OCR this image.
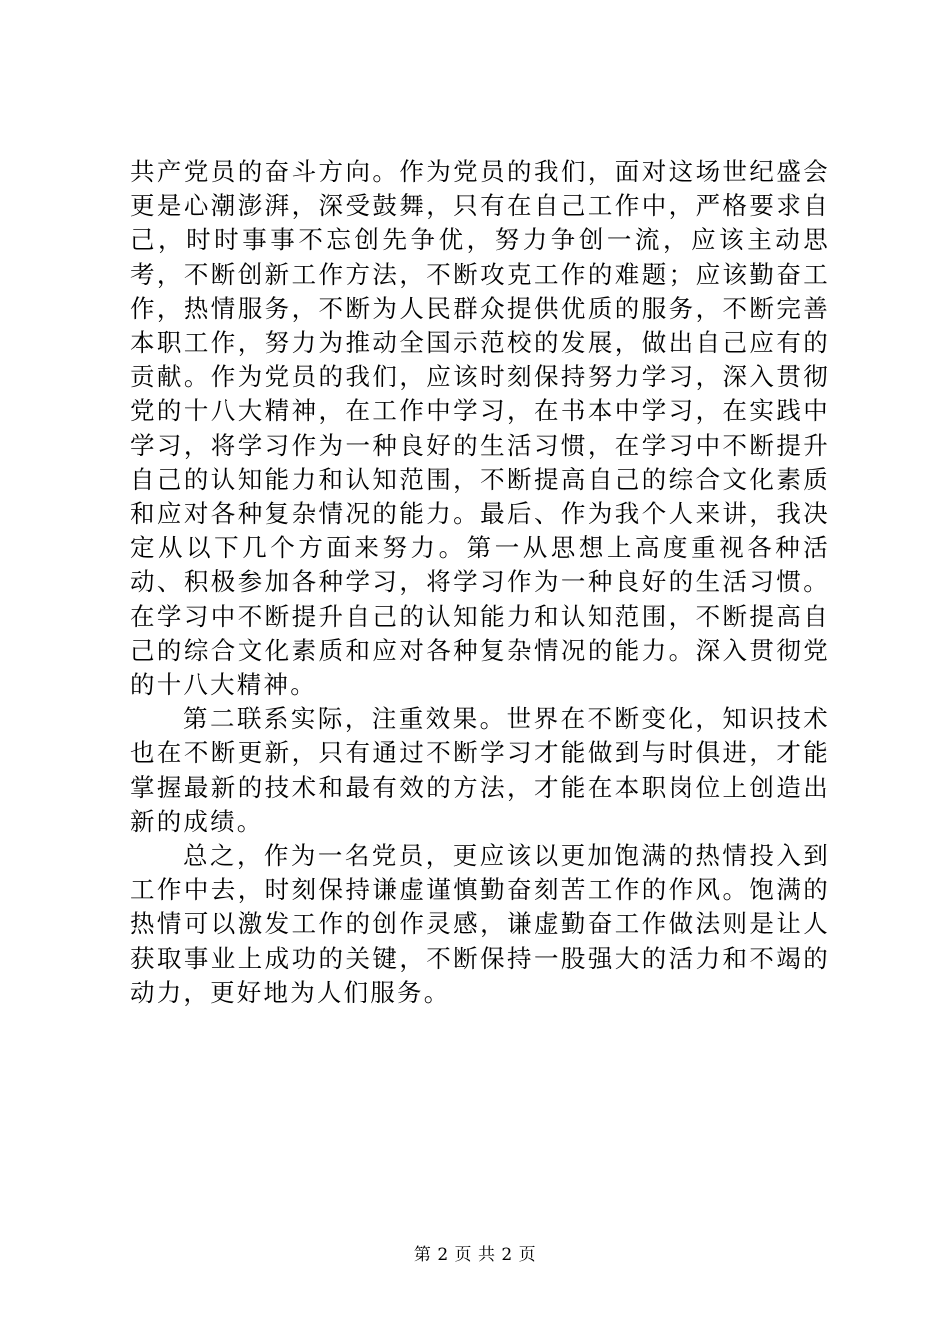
共产党员的奋斗方向。作为党员的我们，面对这场世纪盛会更是心潮澎湃，深受鼓舞，只有在自己工作中，严格要求自己，时时事事不忘创先争优，努力争创一流，应该主动思考，不断创新工作方法，不断攻克工作的难题；应该勤奋工作，热情服务，不断为人民群众提供优质的服务，不断完善本职工作，努力为推动全国示范校的发展，做出自己应有的贡献。作为党员的我们，应该时刻保持努力学习，深入贯彻党的十八大精神，在工作中学习，在书本中学习，在实践中学习，将学习作为一种良好的生活习惯，在学习中不断提升自己的认知能力和认知范围，不断提高自己的综合文化素质和应对各种复杂情况的能力。最后、作为我个人来讲，我决定从以下几个方面来努力。第一从思想上高度重视各种活动、积极参加各种学习，将学习作为一种良好的生活习惯。在学习中不断提升自己的认知能力和认知范围，不断提高自己的综合文化素质和应对各种复杂情况的能力。深入贯彻党的十八大精神。

第二联系实际，注重效果。世界在不断变化，知识技术也在不断更新，只有通过不断学习才能做到与时俱进，才能掌握最新的技术和最有效的方法，才能在本职岗位上创造出新的成绩。

总之，作为一名党员，更应该以更加饱满的热情投入到工作中去，时刻保持谦虚谨慎勤奋刻苦工作的作风。饱满的热情可以激发工作的创作灵感，谦虚勤奋工作做法则是让人获取事业上成功的关键，不断保持一股强大的活力和不竭的动力，更好地为人们服务。

第 2 页 共 2 页
